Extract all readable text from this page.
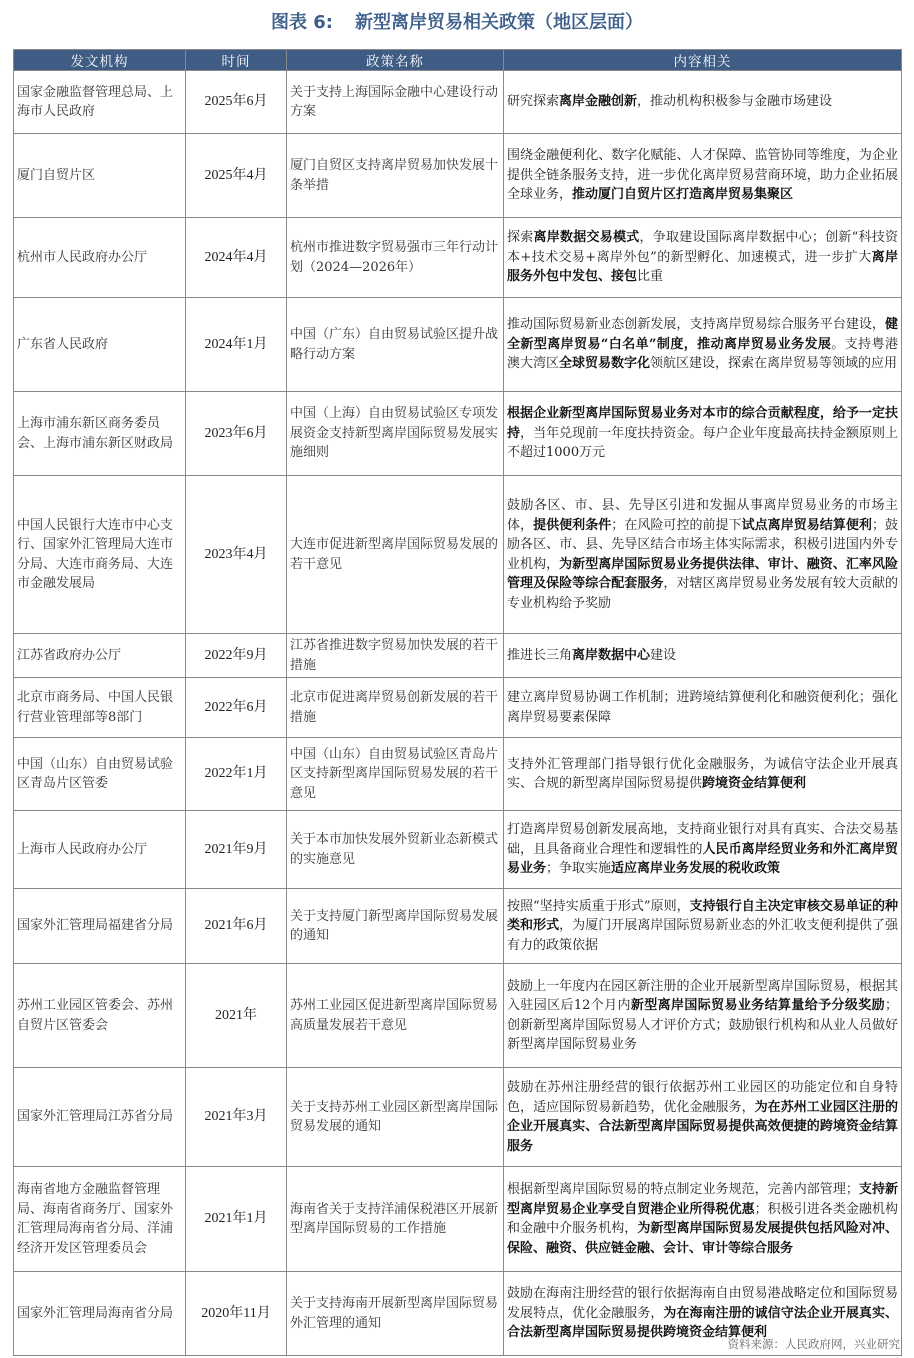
图表 6: 新型离岸贸易相关政策（地区层面）
发文机构	时间	政策名称	内容相关
国家金融监督管理总局、上海市人民政府	2025年6月	关于支持上海国际金融中心建设行动方案	研究探索离岸金融创新，推动机构积极参与金融市场建设
厦门自贸片区	2025年4月	厦门自贸区支持离岸贸易加快发展十条举措	围绕金融便利化、数字化赋能、人才保障、监管协同等维度，为企业提供全链条服务支持，进一步优化离岸贸易营商环境，助力企业拓展全球业务，推动厦门自贸片区打造离岸贸易集聚区
杭州市人民政府办公厅	2024年4月	杭州市推进数字贸易强市三年行动计划（2024—2026年）	探索离岸数据交易模式，争取建设国际离岸数据中心；创新“科技资本+技术交易+离岸外包”的新型孵化、加速模式，进一步扩大离岸服务外包中发包、接包比重
广东省人民政府	2024年1月	中国（广东）自由贸易试验区提升战略行动方案	推动国际贸易新业态创新发展，支持离岸贸易综合服务平台建设，健全新型离岸贸易“白名单”制度，推动离岸贸易业务发展。支持粤港澳大湾区全球贸易数字化领航区建设，探索在离岸贸易等领域的应用
上海市浦东新区商务委员会、上海市浦东新区财政局	2023年6月	中国（上海）自由贸易试验区专项发展资金支持新型离岸国际贸易发展实施细则	根据企业新型离岸国际贸易业务对本市的综合贡献程度，给予一定扶持，当年兑现前一年度扶持资金。每户企业年度最高扶持金额原则上不超过1000万元
中国人民银行大连市中心支行、国家外汇管理局大连市分局、大连市商务局、大连市金融发展局	2023年4月	大连市促进新型离岸国际贸易发展的若干意见	鼓励各区、市、县、先导区引进和发掘从事离岸贸易业务的市场主体，提供便利条件；在风险可控的前提下试点离岸贸易结算便利；鼓励各区、市、县、先导区结合市场主体实际需求，积极引进国内外专业机构，为新型离岸国际贸易业务提供法律、审计、融资、汇率风险管理及保险等综合配套服务，对辖区离岸贸易业务发展有较大贡献的专业机构给予奖励
江苏省政府办公厅	2022年9月	江苏省推进数字贸易加快发展的若干措施	推进长三角离岸数据中心建设
北京市商务局、中国人民银行营业管理部等8部门	2022年6月	北京市促进离岸贸易创新发展的若干措施	建立离岸贸易协调工作机制；进跨境结算便利化和融资便利化；强化离岸贸易要素保障
中国（山东）自由贸易试验区青岛片区管委	2022年1月	中国（山东）自由贸易试验区青岛片区支持新型离岸国际贸易发展的若干意见	支持外汇管理部门指导银行优化金融服务，为诚信守法企业开展真实、合规的新型离岸国际贸易提供跨境资金结算便利
上海市人民政府办公厅	2021年9月	关于本市加快发展外贸新业态新模式的实施意见	打造离岸贸易创新发展高地，支持商业银行对具有真实、合法交易基础，且具备商业合理性和逻辑性的人民币离岸经贸业务和外汇离岸贸易业务；争取实施适应离岸业务发展的税收政策
国家外汇管理局福建省分局	2021年6月	关于支持厦门新型离岸国际贸易发展的通知	按照“坚持实质重于形式”原则，支持银行自主决定审核交易单证的种类和形式，为厦门开展离岸国际贸易新业态的外汇收支便利提供了强有力的政策依据
苏州工业园区管委会、苏州自贸片区管委会	2021年	苏州工业园区促进新型离岸国际贸易高质量发展若干意见	鼓励上一年度内在园区新注册的企业开展新型离岸国际贸易，根据其入驻园区后12个月内新型离岸国际贸易业务结算量给予分级奖励；创新新型离岸国际贸易人才评价方式；鼓励银行机构和从业人员做好新型离岸国际贸易业务
国家外汇管理局江苏省分局	2021年3月	关于支持苏州工业园区新型离岸国际贸易发展的通知	鼓励在苏州注册经营的银行依据苏州工业园区的功能定位和自身特色，适应国际贸易新趋势，优化金融服务，为在苏州工业园区注册的企业开展真实、合法新型离岸国际贸易提供高效便捷的跨境资金结算服务
海南省地方金融监督管理局、海南省商务厅、国家外汇管理局海南省分局、洋浦经济开发区管理委员会	2021年1月	海南省关于支持洋浦保税港区开展新型离岸国际贸易的工作措施	根据新型离岸国际贸易的特点制定业务规范，完善内部管理；支持新型离岸贸易企业享受自贸港企业所得税优惠；积极引进各类金融机构和金融中介服务机构，为新型离岸国际贸易发展提供包括风险对冲、保险、融资、供应链金融、会计、审计等综合服务
国家外汇管理局海南省分局	2020年11月	关于支持海南开展新型离岸国际贸易外汇管理的通知	鼓励在海南注册经营的银行依据海南自由贸易港战略定位和国际贸易发展特点，优化金融服务，为在海南注册的诚信守法企业开展真实、合法新型离岸国际贸易提供跨境资金结算便利
资料来源：人民政府网，兴业研究
